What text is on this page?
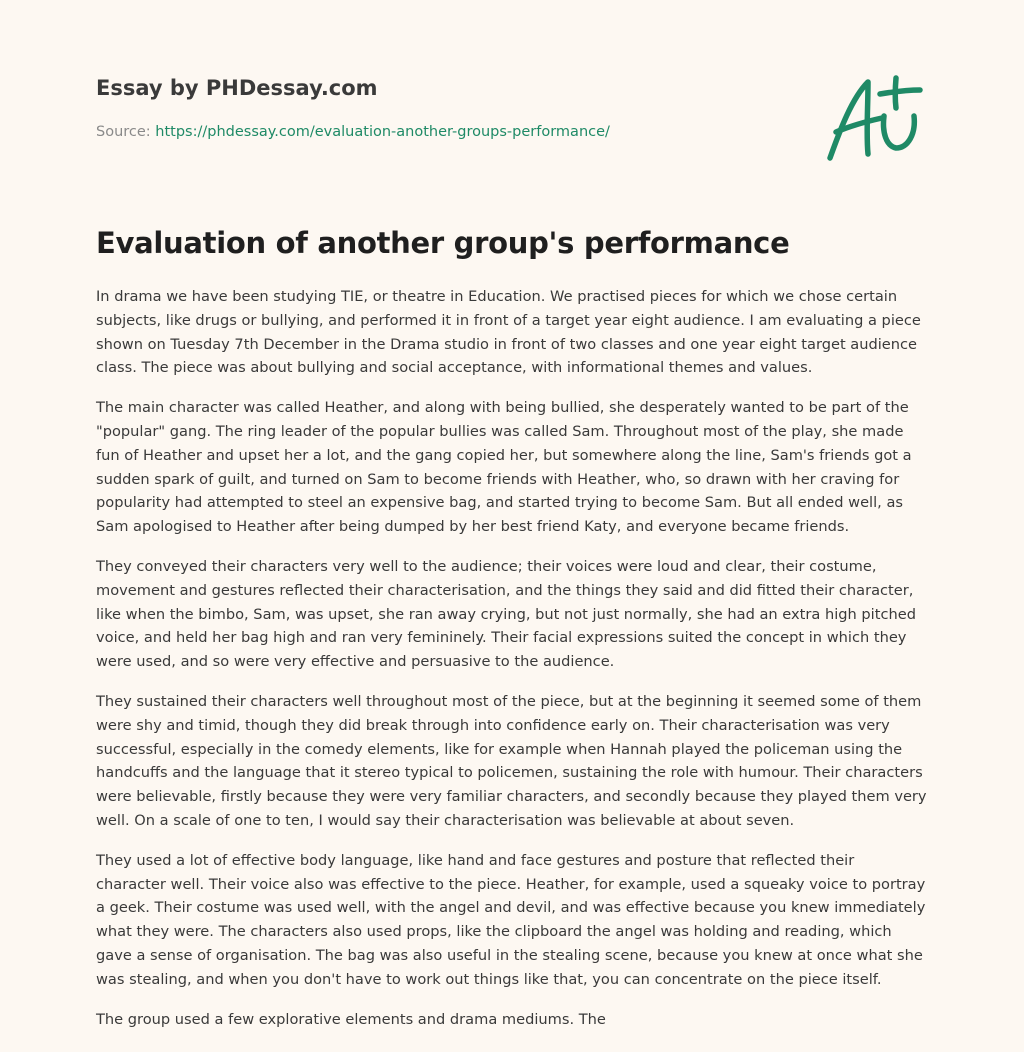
Essay by PHDessay.com

Source: https://phdessay.com/evaluation-another-groups-performance/

Evaluation of another group's performance

In drama we have been studying TIE, or theatre in Education. We practised pieces for which we chose certain subjects, like drugs or bullying, and performed it in front of a target year eight audience. I am evaluating a piece shown on Tuesday 7th December in the Drama studio in front of two classes and one year eight target audience class. The piece was about bullying and social acceptance, with informational themes and values.

The main character was called Heather, and along with being bullied, she desperately wanted to be part of the "popular" gang. The ring leader of the popular bullies was called Sam. Throughout most of the play, she made fun of Heather and upset her a lot, and the gang copied her, but somewhere along the line, Sam's friends got a sudden spark of guilt, and turned on Sam to become friends with Heather, who, so drawn with her craving for popularity had attempted to steel an expensive bag, and started trying to become Sam. But all ended well, as Sam apologised to Heather after being dumped by her best friend Katy, and everyone became friends.

They conveyed their characters very well to the audience; their voices were loud and clear, their costume, movement and gestures reflected their characterisation, and the things they said and did fitted their character, like when the bimbo, Sam, was upset, she ran away crying, but not just normally, she had an extra high pitched voice, and held her bag high and ran very femininely. Their facial expressions suited the concept in which they were used, and so were very effective and persuasive to the audience.

They sustained their characters well throughout most of the piece, but at the beginning it seemed some of them were shy and timid, though they did break through into confidence early on. Their characterisation was very successful, especially in the comedy elements, like for example when Hannah played the policeman using the handcuffs and the language that it stereo typical to policemen, sustaining the role with humour. Their characters were believable, firstly because they were very familiar characters, and secondly because they played them very well. On a scale of one to ten, I would say their characterisation was believable at about seven.

They used a lot of effective body language, like hand and face gestures and posture that reflected their character well. Their voice also was effective to the piece. Heather, for example, used a squeaky voice to portray a geek. Their costume was used well, with the angel and devil, and was effective because you knew immediately what they were. The characters also used props, like the clipboard the angel was holding and reading, which gave a sense of organisation. The bag was also useful in the stealing scene, because you knew at once what she was stealing, and when you don't have to work out things like that, you can concentrate on the piece itself.

The group used a few explorative elements and drama mediums. The
